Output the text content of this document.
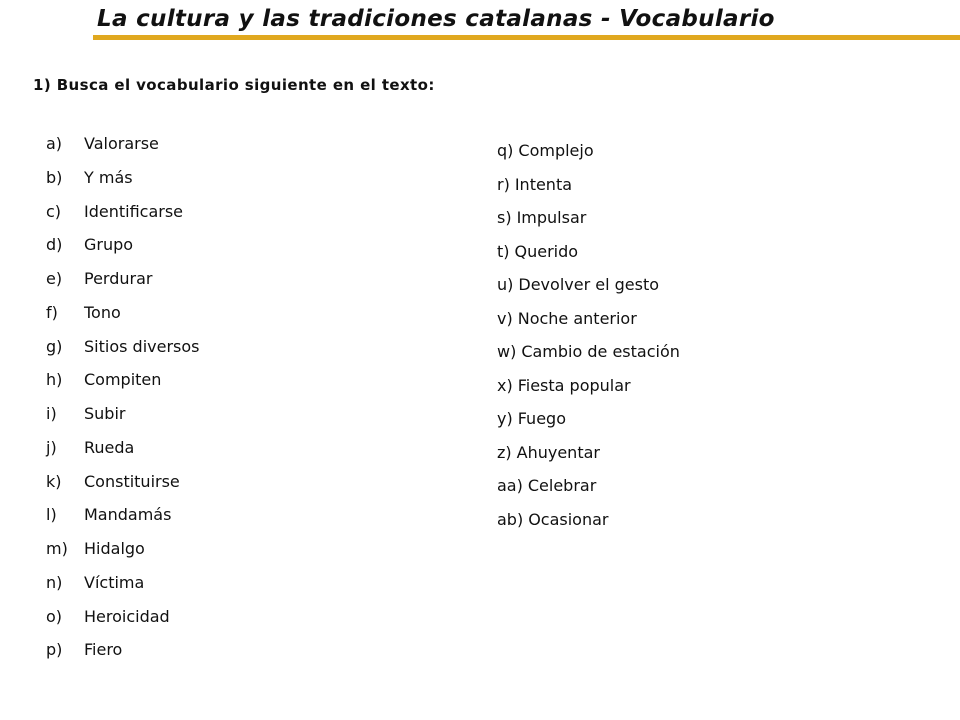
La cultura y las tradiciones catalanas - Vocabulario

1) Busca el vocabulario siguiente en el texto:

a) Valorarse
b) Y más
c) Identificarse
d) Grupo
e) Perdurar
f) Tono
g) Sitios diversos
h) Compiten
i) Subir
j) Rueda
k) Constituirse
l) Mandamás
m) Hidalgo
n) Víctima
o) Heroicidad
p) Fiero
q) Complejo
r) Intenta
s) Impulsar
t) Querido
u) Devolver el gesto
v) Noche anterior
w) Cambio de estación
x) Fiesta popular
y) Fuego
z) Ahuyentar
aa) Celebrar
ab) Ocasionar
